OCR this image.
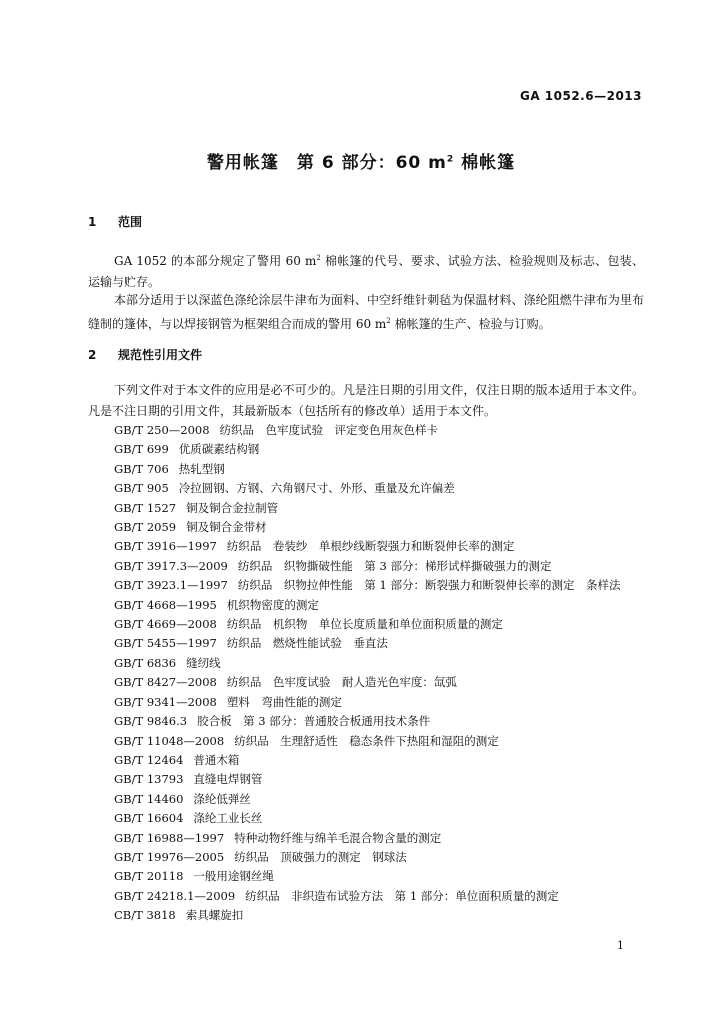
GA 1052.6—2013
警用帐篷　第 6 部分：60 $m^2$ 棉帐篷
1 范围

GA 1052 的本部分规定了警用 60 $m^2$ 棉帐篷的代号、要求、试验方法、检验规则及标志、包装、运输与贮存。

本部分适用于以深蓝色涤纶涂层牛津布为面料、中空纤维针刺毡为保温材料、涤纶阻燃牛津布为里布缝制的篷体，与以焊接钢管为框架组合而成的警用 60 $m^2$ 棉帐篷的生产、检验与订购。

2 规范性引用文件

下列文件对于本文件的应用是必不可少的。凡是注日期的引用文件，仅注日期的版本适用于本文件。凡是不注日期的引用文件，其最新版本（包括所有的修改单）适用于本文件。

GB/T 250—2008 纺织品　色牢度试验　评定变色用灰色样卡
GB/T 699 优质碳素结构钢
GB/T 706 热轧型钢
GB/T 905 冷拉圆钢、方钢、六角钢尺寸、外形、重量及允许偏差
GB/T 1527 铜及铜合金拉制管
GB/T 2059 铜及铜合金带材
GB/T 3916—1997 纺织品　卷装纱　单根纱线断裂强力和断裂伸长率的测定
GB/T 3917.3—2009 纺织品　织物撕破性能　第 3 部分：梯形试样撕破强力的测定
GB/T 3923.1—1997 纺织品　织物拉伸性能　第 1 部分：断裂强力和断裂伸长率的测定　条样法
GB/T 4668—1995 机织物密度的测定
GB/T 4669—2008 纺织品　机织物　单位长度质量和单位面积质量的测定
GB/T 5455—1997 纺织品　燃烧性能试验　垂直法
GB/T 6836 缝纫线
GB/T 8427—2008 纺织品　色牢度试验　耐人造光色牢度：氙弧
GB/T 9341—2008 塑料　弯曲性能的测定
GB/T 9846.3 胶合板　第 3 部分：普通胶合板通用技术条件
GB/T 11048—2008 纺织品　生理舒适性　稳态条件下热阻和湿阻的测定
GB/T 12464 普通木箱
GB/T 13793 直缝电焊钢管
GB/T 14460 涤纶低弹丝
GB/T 16604 涤纶工业长丝
GB/T 16988—1997 特种动物纤维与绵羊毛混合物含量的测定
GB/T 19976—2005 纺织品　顶破强力的测定　钢球法
GB/T 20118 一般用途钢丝绳
GB/T 24218.1—2009 纺织品　非织造布试验方法　第 1 部分：单位面积质量的测定
CB/T 3818 索具螺旋扣
1
